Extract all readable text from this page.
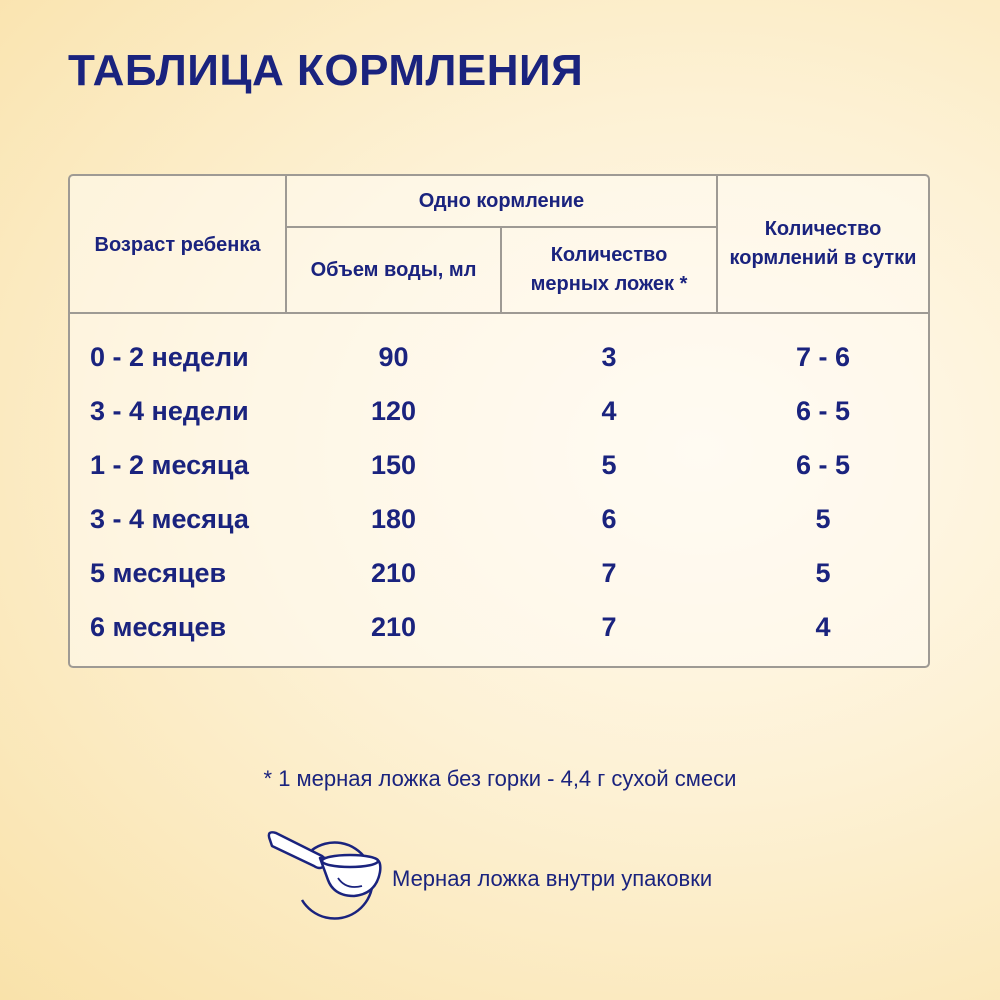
ТАБЛИЦА КОРМЛЕНИЯ
Возраст ребенка
Одно кормление
Объем воды, мл
Количество мерных ложек *
Количество кормлений в сутки
0 - 2 недели	90	3	7 - 6
3 - 4 недели	120	4	6 - 5
1 - 2 месяца	150	5	6 - 5
3 - 4 месяца	180	6	5
5 месяцев	210	7	5
6 месяцев	210	7	4
* 1 мерная ложка без горки - 4,4 г сухой смеси
Мерная ложка внутри упаковки
